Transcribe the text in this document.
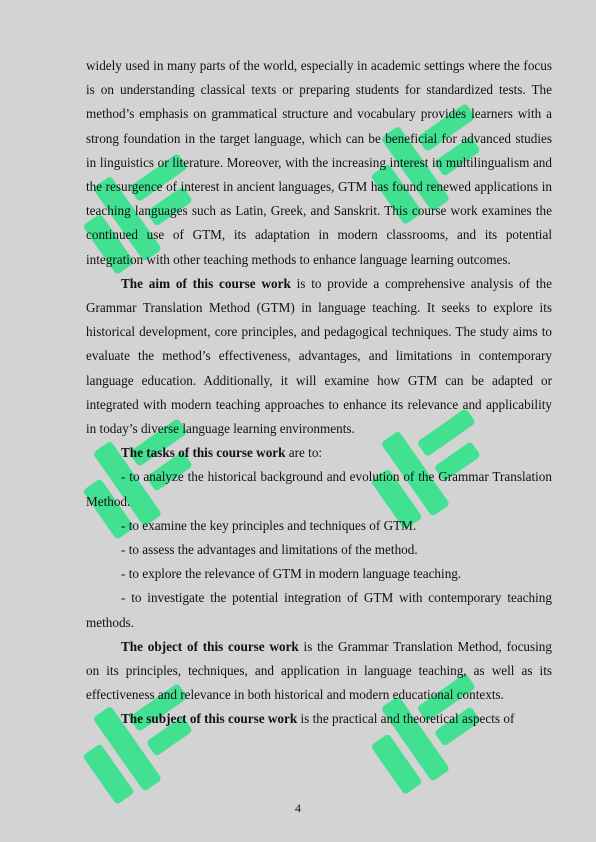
widely used in many parts of the world, especially in academic settings where the focus is on understanding classical texts or preparing students for standardized tests. The method’s emphasis on grammatical structure and vocabulary provides learners with a strong foundation in the target language, which can be beneficial for advanced studies in linguistics or literature. Moreover, with the increasing interest in multilingualism and the resurgence of interest in ancient languages, GTM has found renewed applications in teaching languages such as Latin, Greek, and Sanskrit. This course work examines the continued use of GTM, its adaptation in modern classrooms, and its potential integration with other teaching methods to enhance language learning outcomes.

The aim of this course work is to provide a comprehensive analysis of the Grammar Translation Method (GTM) in language teaching. It seeks to explore its historical development, core principles, and pedagogical techniques. The study aims to evaluate the method’s effectiveness, advantages, and limitations in contemporary language education. Additionally, it will examine how GTM can be adapted or integrated with modern teaching approaches to enhance its relevance and applicability in today’s diverse language learning environments.

The tasks of this course work are to:

- to analyze the historical background and evolution of the Grammar Translation Method.

- to examine the key principles and techniques of GTM.

- to assess the advantages and limitations of the method.

- to explore the relevance of GTM in modern language teaching.

- to investigate the potential integration of GTM with contemporary teaching methods.

The object of this course work is the Grammar Translation Method, focusing on its principles, techniques, and application in language teaching, as well as its effectiveness and relevance in both historical and modern educational contexts.

The subject of this course work is the practical and theoretical aspects of

4
